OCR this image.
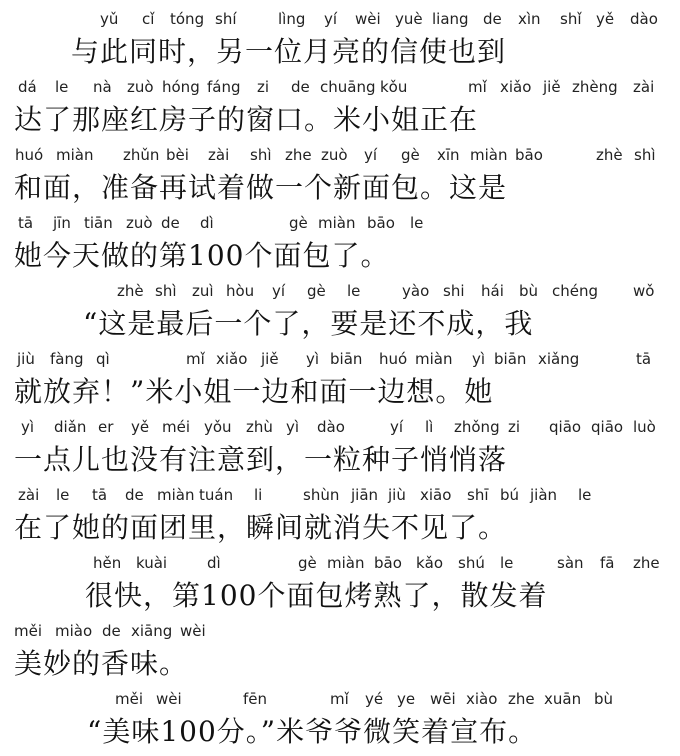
yǔ cǐ tóng shí	lìng yí wèi yuè liang de xìn shǐ yě dào
　与此同时，另一位月亮的信使也到
dá le nà zuò hóng fáng zi de chuāng kǒu	mǐ xiǎo jiě zhèng zài
达了那座红房子的窗口。米小姐正在
huó miàn zhǔn bèi zài shì zhe zuò yí gè xīn miàn bāo	zhè shì
和面，准备再试着做一个新面包。这是
tā jīn tiān zuò de dì	gè miàn bāo le
她今天做的第100个面包了。
zhè shì zuì hòu yí gè le	yào shi hái bù chéng wǒ
　“这是最后一个了，要是还不成，我
jiù fàng qì	mǐ xiǎo jiě yì biān huó miàn yì biān xiǎng	tā
就放弃！”米小姐一边和面一边想。她
yì diǎn er yě méi yǒu zhù yì dào	yí lì zhǒng zi qiāo qiāo luò
一点儿也没有注意到，一粒种子悄悄落
zài le tā de miàn tuán li	shùn jiān jiù xiāo shī bú jiàn le
在了她的面团里，瞬间就消失不见了。
hěn kuài	dì	gè miàn bāo kǎo shú le	sàn fā zhe
　很快，第100个面包烤熟了，散发着
měi miào de xiāng wèi
美妙的香味。
měi wèi	fēn	mǐ yé ye wēi xiào zhe xuān bù
　“美味100分。”米爷爷微笑着宣布。
